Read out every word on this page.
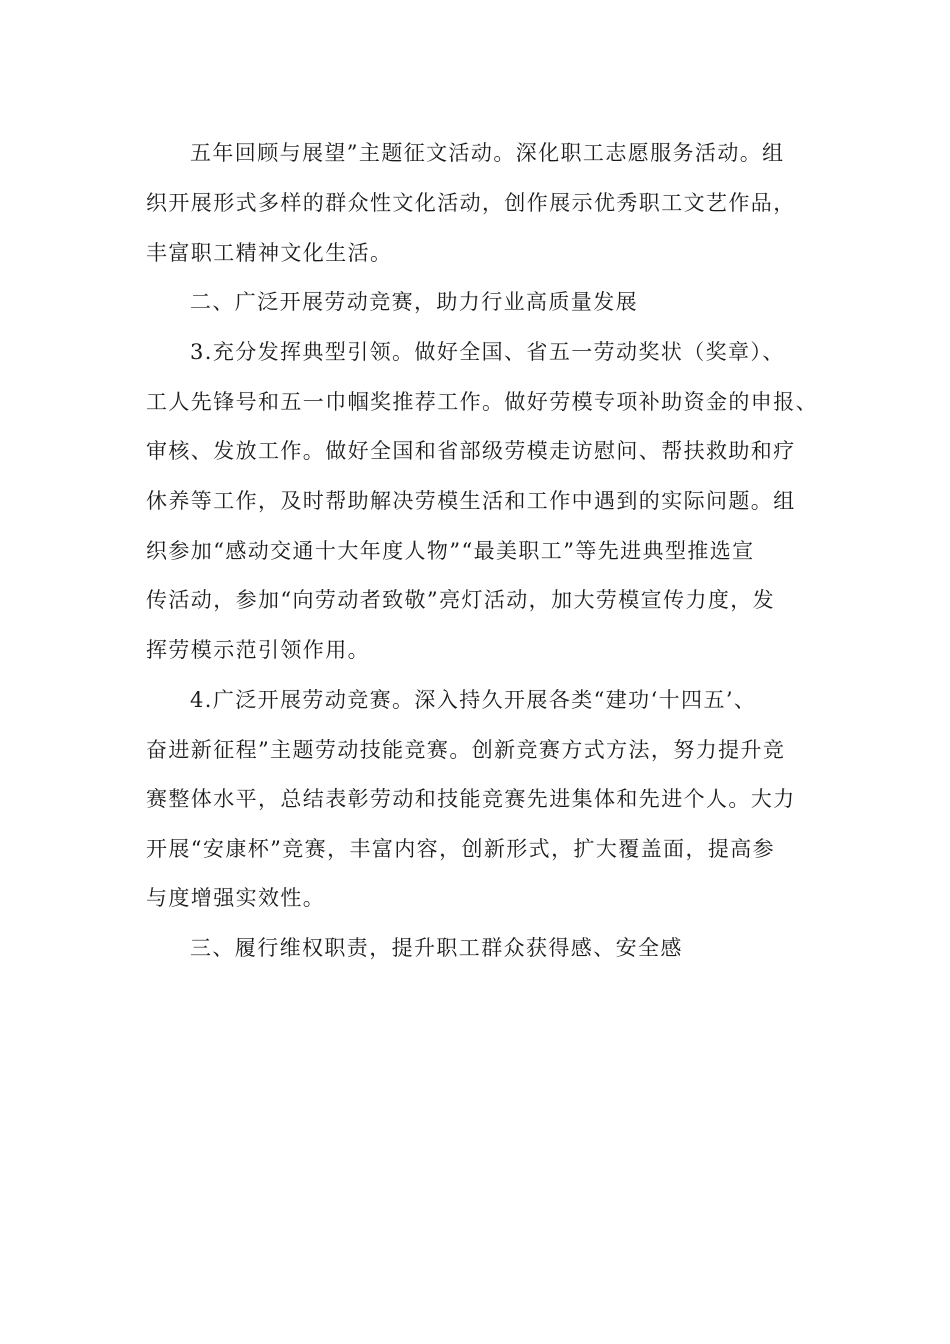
五年回顾与展望”主题征文活动。深化职工志愿服务活动。组
织开展形式多样的群众性文化活动，创作展示优秀职工文艺作品，
丰富职工精神文化生活。
二、广泛开展劳动竞赛，助力行业高质量发展
3.充分发挥典型引领。做好全国、省五一劳动奖状（奖章）、
工人先锋号和五一巾帼奖推荐工作。做好劳模专项补助资金的申报、
审核、发放工作。做好全国和省部级劳模走访慰问、帮扶救助和疗
休养等工作，及时帮助解决劳模生活和工作中遇到的实际问题。组
织参加“感动交通十大年度人物”“最美职工”等先进典型推选宣
传活动，参加“向劳动者致敬”亮灯活动，加大劳模宣传力度，发
挥劳模示范引领作用。
4.广泛开展劳动竞赛。深入持久开展各类“建功‘十四五’、
奋进新征程”主题劳动技能竞赛。创新竞赛方式方法，努力提升竞
赛整体水平，总结表彰劳动和技能竞赛先进集体和先进个人。大力
开展“安康杯”竞赛，丰富内容，创新形式，扩大覆盖面，提高参
与度增强实效性。
三、履行维权职责，提升职工群众获得感、安全感
